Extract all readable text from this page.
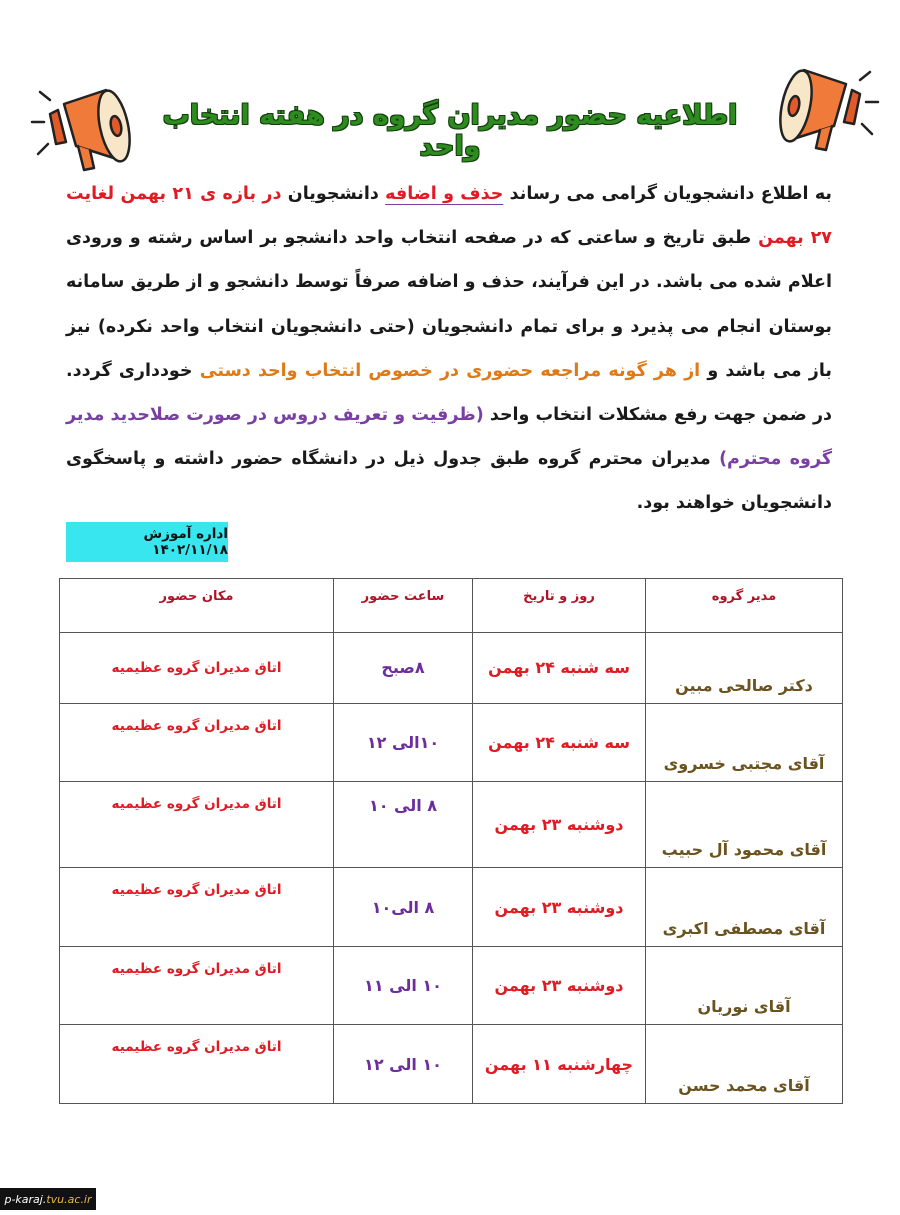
اطلاعیه حضور مدیران گروه در هفته انتخاب واحد
به اطلاع دانشجویان گرامی می رساند حذف و اضافه دانشجویان در بازه ی ۲۱ بهمن لغایت ۲۷ بهمن طبق تاریخ و ساعتی که در صفحه انتخاب واحد دانشجو بر اساس رشته و ورودی اعلام شده می باشد. در این فرآیند، حذف و اضافه صرفاً توسط دانشجو و از طریق سامانه بوستان انجام می پذیرد و برای تمام دانشجویان (حتی دانشجویان انتخاب واحد نکرده) نیز باز می باشد و از هر گونه مراجعه حضوری در خصوص انتخاب واحد دستی خودداری گردد. در ضمن جهت رفع مشکلات انتخاب واحد (ظرفیت و تعریف دروس در صورت صلاحدید مدیر گروه محترم) مدیران محترم گروه طبق جدول ذیل در دانشگاه حضور داشته و پاسخگوی دانشجویان خواهند بود.
اداره آموزش ۱۴۰۲/۱۱/۱۸
مدیر گروه	روز و تاریخ	ساعت حضور	مکان حضور
دکتر صالحی مبین	سه شنبه ۲۴ بهمن	۸صبح	اتاق مدیران گروه عظیمیه
آقای مجتبی خسروی	سه شنبه ۲۴ بهمن	۱۰الی ۱۲	اتاق مدیران گروه عظیمیه
آقای محمود آل حبیب	دوشنبه ۲۳ بهمن	۸ الی ۱۰	اتاق مدیران گروه عظیمیه
آقای مصطفی اکبری	دوشنبه ۲۳ بهمن	۸ الی۱۰	اتاق مدیران گروه عظیمیه
آقای نوریان	دوشنبه ۲۳ بهمن	۱۰ الی ۱۱	اتاق مدیران گروه عظیمیه
آقای محمد حسن	چهارشنبه ۱۱ بهمن	۱۰ الی ۱۲	اتاق مدیران گروه عظیمیه
p-karaj. tvu.ac.ir
